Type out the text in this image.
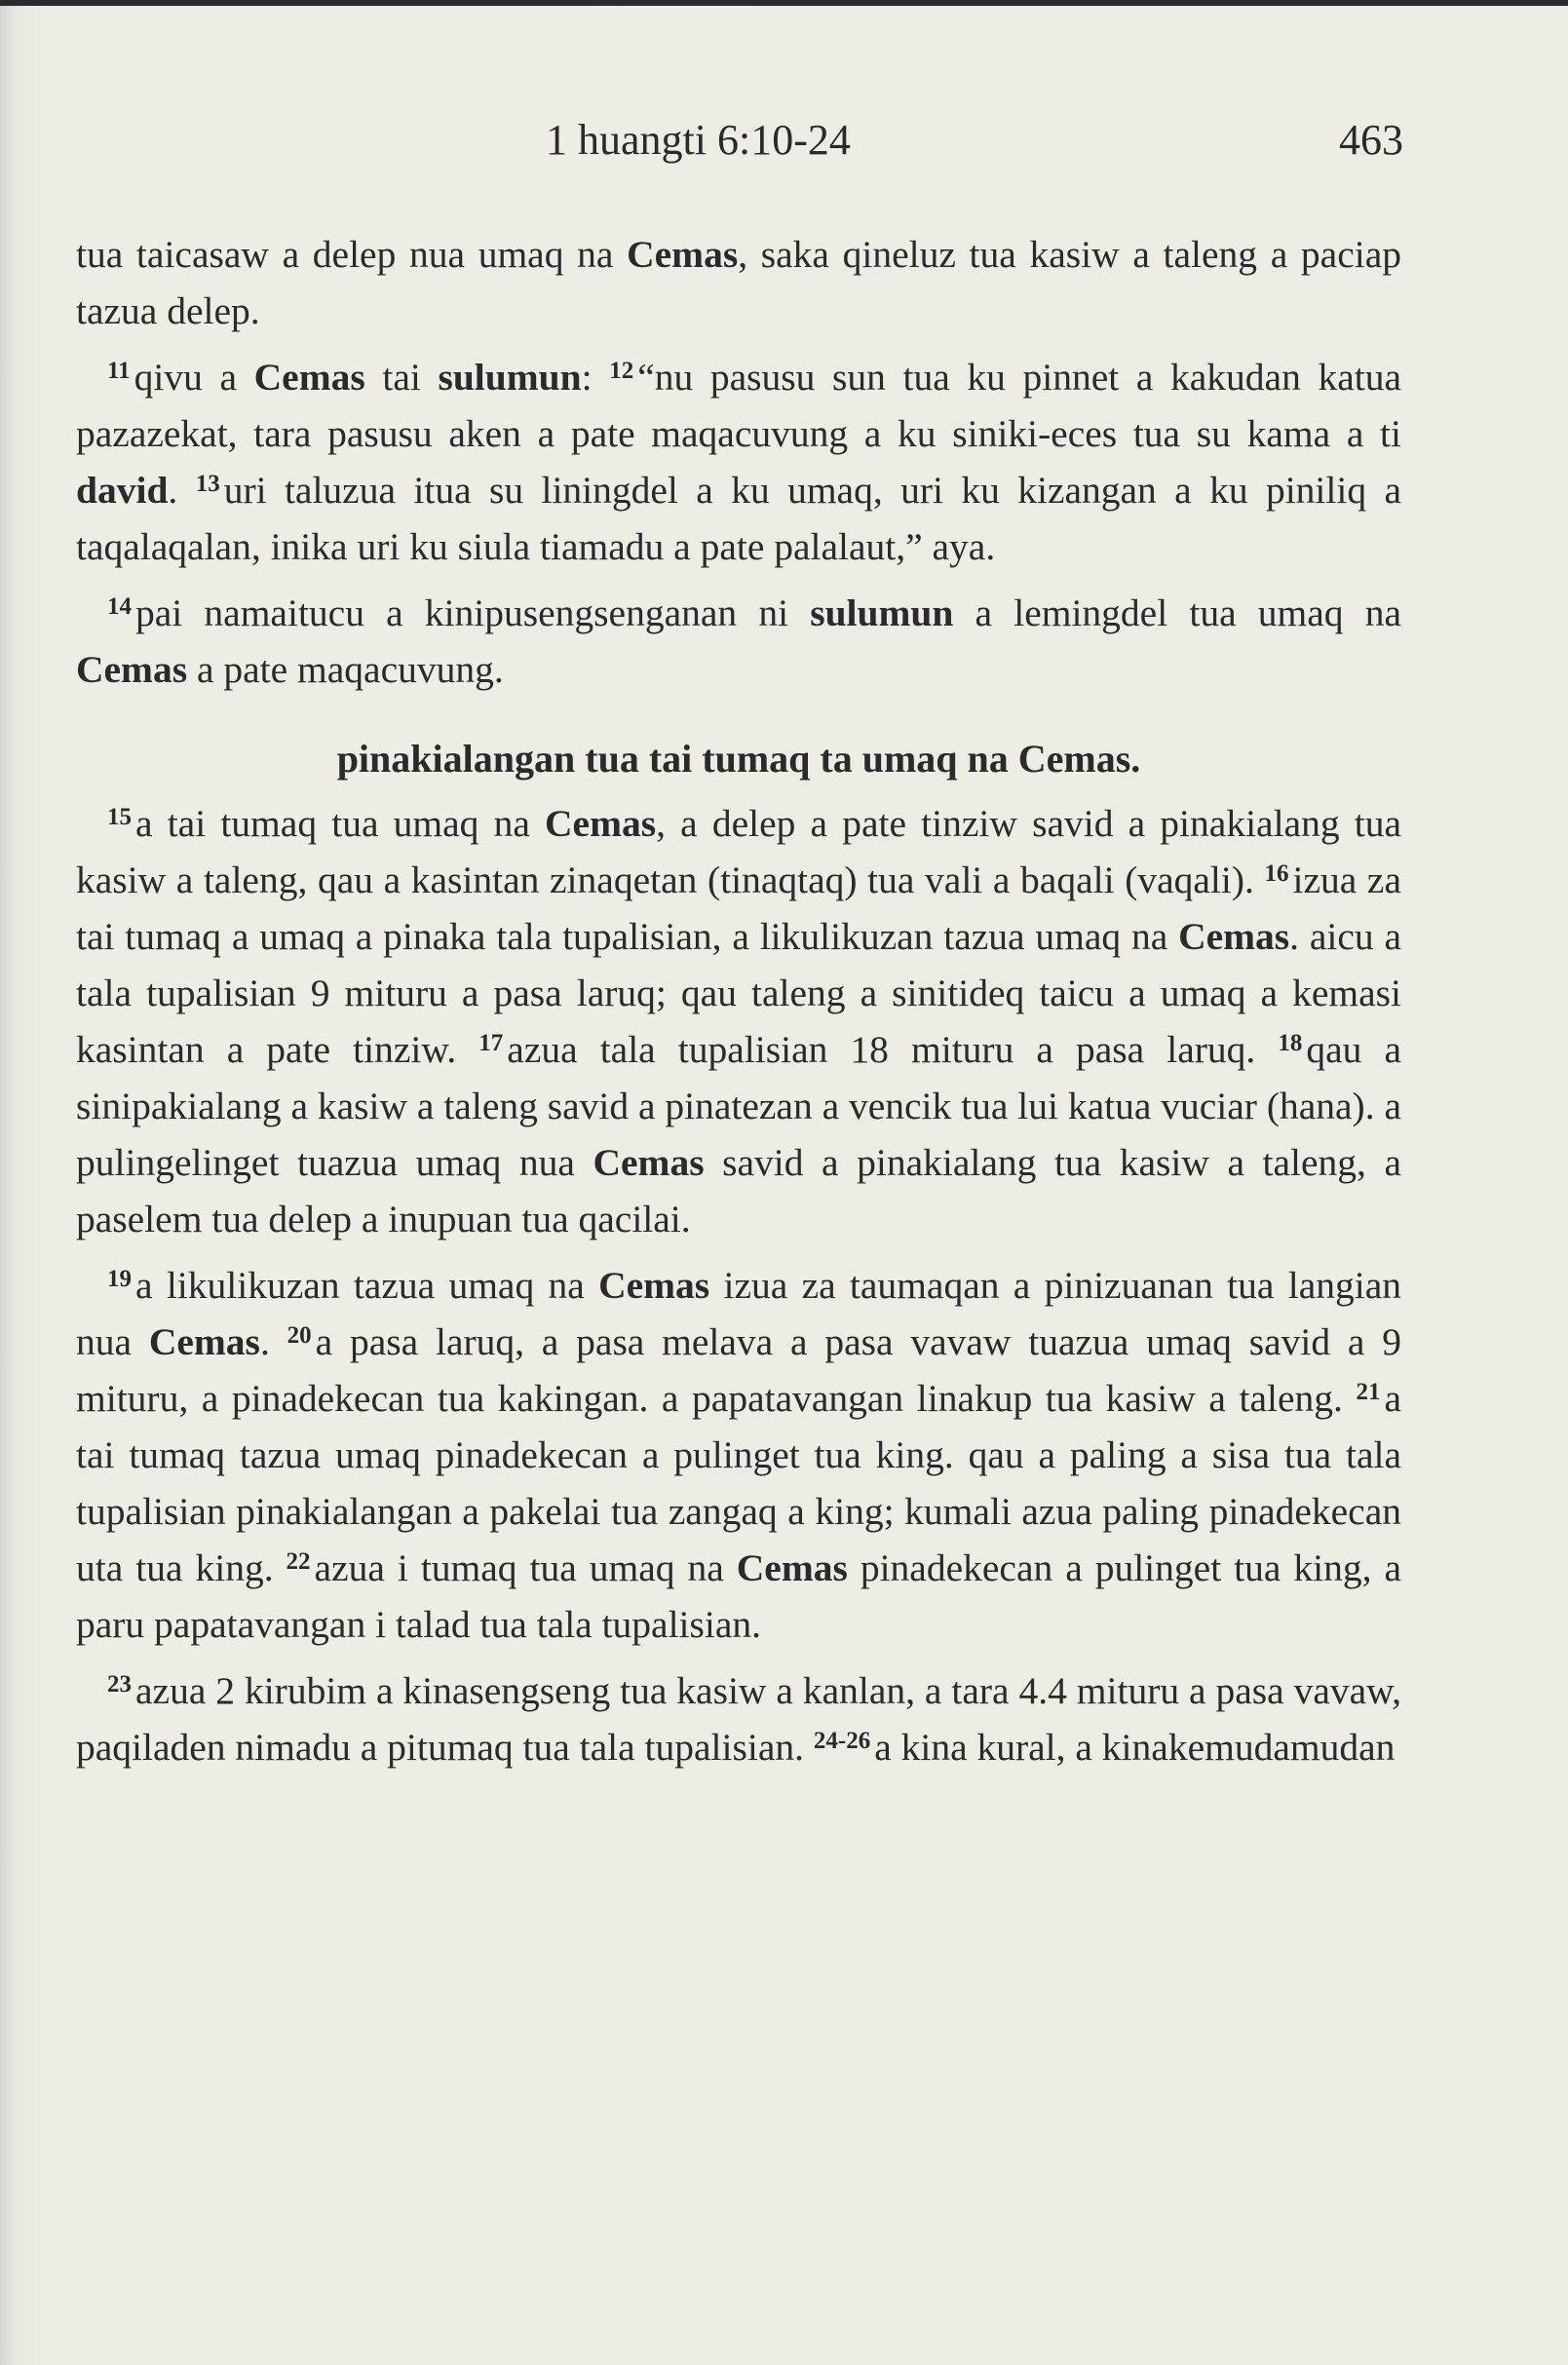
1 huangti 6:10-24	463

tua taicasaw a delep nua umaq na Cemas, saka qineluz tua kasiw a taleng a paciap tazua delep.

$^{11}$ qivu a Cemas tai sulumun: $^{12}$ “nu pasusu sun tua ku pinnet a kakudan katua pazazekat, tara pasusu aken a pate maqacuvung a ku siniki-eces tua su kama a ti david. $^{13}$ uri taluzua itua su liningdel a ku umaq, uri ku kizangan a ku piniliq a taqalaqalan, inika uri ku siula tiamadu a pate palalaut,” aya.

$^{14}$ pai namaitucu a kinipusengsenganan ni sulumun a lemingdel tua umaq na Cemas a pate maqacuvung.

pinakialangan tua tai tumaq ta umaq na Cemas.

$^{15}$ a tai tumaq tua umaq na Cemas, a delep a pate tinziw savid a pinakialang tua kasiw a taleng, qau a kasintan zinaqetan (tinaqtaq) tua vali a baqali (vaqali). $^{16}$ izua za tai tumaq a umaq a pinaka tala tupalisian, a likulikuzan tazua umaq na Cemas. aicu a tala tupalisian 9 mituru a pasa laruq; qau taleng a sinitideq taicu a umaq a kemasi kasintan a pate tinziw. $^{17}$ azua tala tupalisian 18 mituru a pasa laruq. $^{18}$ qau a sinipakialang a kasiw a taleng savid a pinatezan a vencik tua lui katua vuciar (hana). a pulingelinget tuazua umaq nua Cemas savid a pinakialang tua kasiw a taleng, a paselem tua delep a inupuan tua qacilai.

$^{19}$ a likulikuzan tazua umaq na Cemas izua za taumaqan a pinizuanan tua langian nua Cemas. $^{20}$ a pasa laruq, a pasa melava a pasa vavaw tuazua umaq savid a 9 mituru, a pinadekecan tua kakingan. a papatavangan linakup tua kasiw a taleng. $^{21}$ a tai tumaq tazua umaq pinadekecan a pulinget tua king. qau a paling a sisa tua tala tupalisian pinakialangan a pakelai tua zangaq a king; kumali azua paling pinadekecan uta tua king. $^{22}$ azua i tumaq tua umaq na Cemas pinadekecan a pulinget tua king, a paru papatavangan i talad tua tala tupalisian.

$^{23}$ azua 2 kirubim a kinasengseng tua kasiw a kanlan, a tara 4.4 mituru a pasa vavaw, paqiladen nimadu a pitumaq tua tala tupalisian. $^{24-26}$ a kina kural, a kinakemudamudan
